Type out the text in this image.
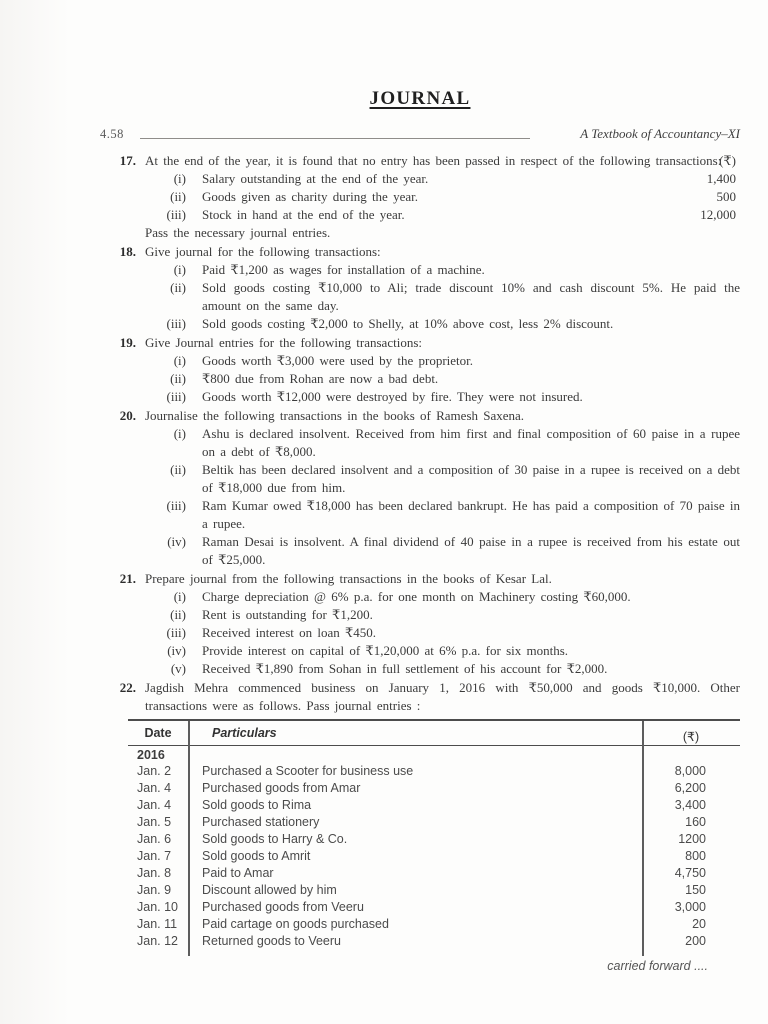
JOURNAL
4.58	A Textbook of Accountancy–XI
17. At the end of the year, it is found that no entry has been passed in respect of the following transactions:
(₹)
(i) Salary outstanding at the end of the year.	1,400
(ii) Goods given as charity during the year.	500
(iii) Stock in hand at the end of the year.	12,000
Pass the necessary journal entries.
18. Give journal for the following transactions:
(i) Paid ₹1,200 as wages for installation of a machine.
(ii) Sold goods costing ₹10,000 to Ali; trade discount 10% and cash discount 5%. He paid the amount on the same day.
(iii) Sold goods costing ₹2,000 to Shelly, at 10% above cost, less 2% discount.
19. Give Journal entries for the following transactions:
(i) Goods worth ₹3,000 were used by the proprietor.
(ii) ₹800 due from Rohan are now a bad debt.
(iii) Goods worth ₹12,000 were destroyed by fire. They were not insured.
20. Journalise the following transactions in the books of Ramesh Saxena.
(i) Ashu is declared insolvent. Received from him first and final composition of 60 paise in a rupee on a debt of ₹8,000.
(ii) Beltik has been declared insolvent and a composition of 30 paise in a rupee is received on a debt of ₹18,000 due from him.
(iii) Ram Kumar owed ₹18,000 has been declared bankrupt. He has paid a composition of 70 paise in a rupee.
(iv) Raman Desai is insolvent. A final dividend of 40 paise in a rupee is received from his estate out of ₹25,000.
21. Prepare journal from the following transactions in the books of Kesar Lal.
(i) Charge depreciation @ 6% p.a. for one month on Machinery costing ₹60,000.
(ii) Rent is outstanding for ₹1,200.
(iii) Received interest on loan ₹450.
(iv) Provide interest on capital of ₹1,20,000 at 6% p.a. for six months.
(v) Received ₹1,890 from Sohan in full settlement of his account for ₹2,000.
22. Jagdish Mehra commenced business on January 1, 2016 with ₹50,000 and goods ₹10,000. Other transactions were as follows. Pass journal entries :
Date	Particulars	(₹)
2016
Jan. 2	Purchased a Scooter for business use	8,000
Jan. 4	Purchased goods from Amar	6,200
Jan. 4	Sold goods to Rima	3,400
Jan. 5	Purchased stationery	160
Jan. 6	Sold goods to Harry & Co.	1200
Jan. 7	Sold goods to Amrit	800
Jan. 8	Paid to Amar	4,750
Jan. 9	Discount allowed by him	150
Jan. 10	Purchased goods from Veeru	3,000
Jan. 11	Paid cartage on goods purchased	20
Jan. 12	Returned goods to Veeru	200
carried forward ....
